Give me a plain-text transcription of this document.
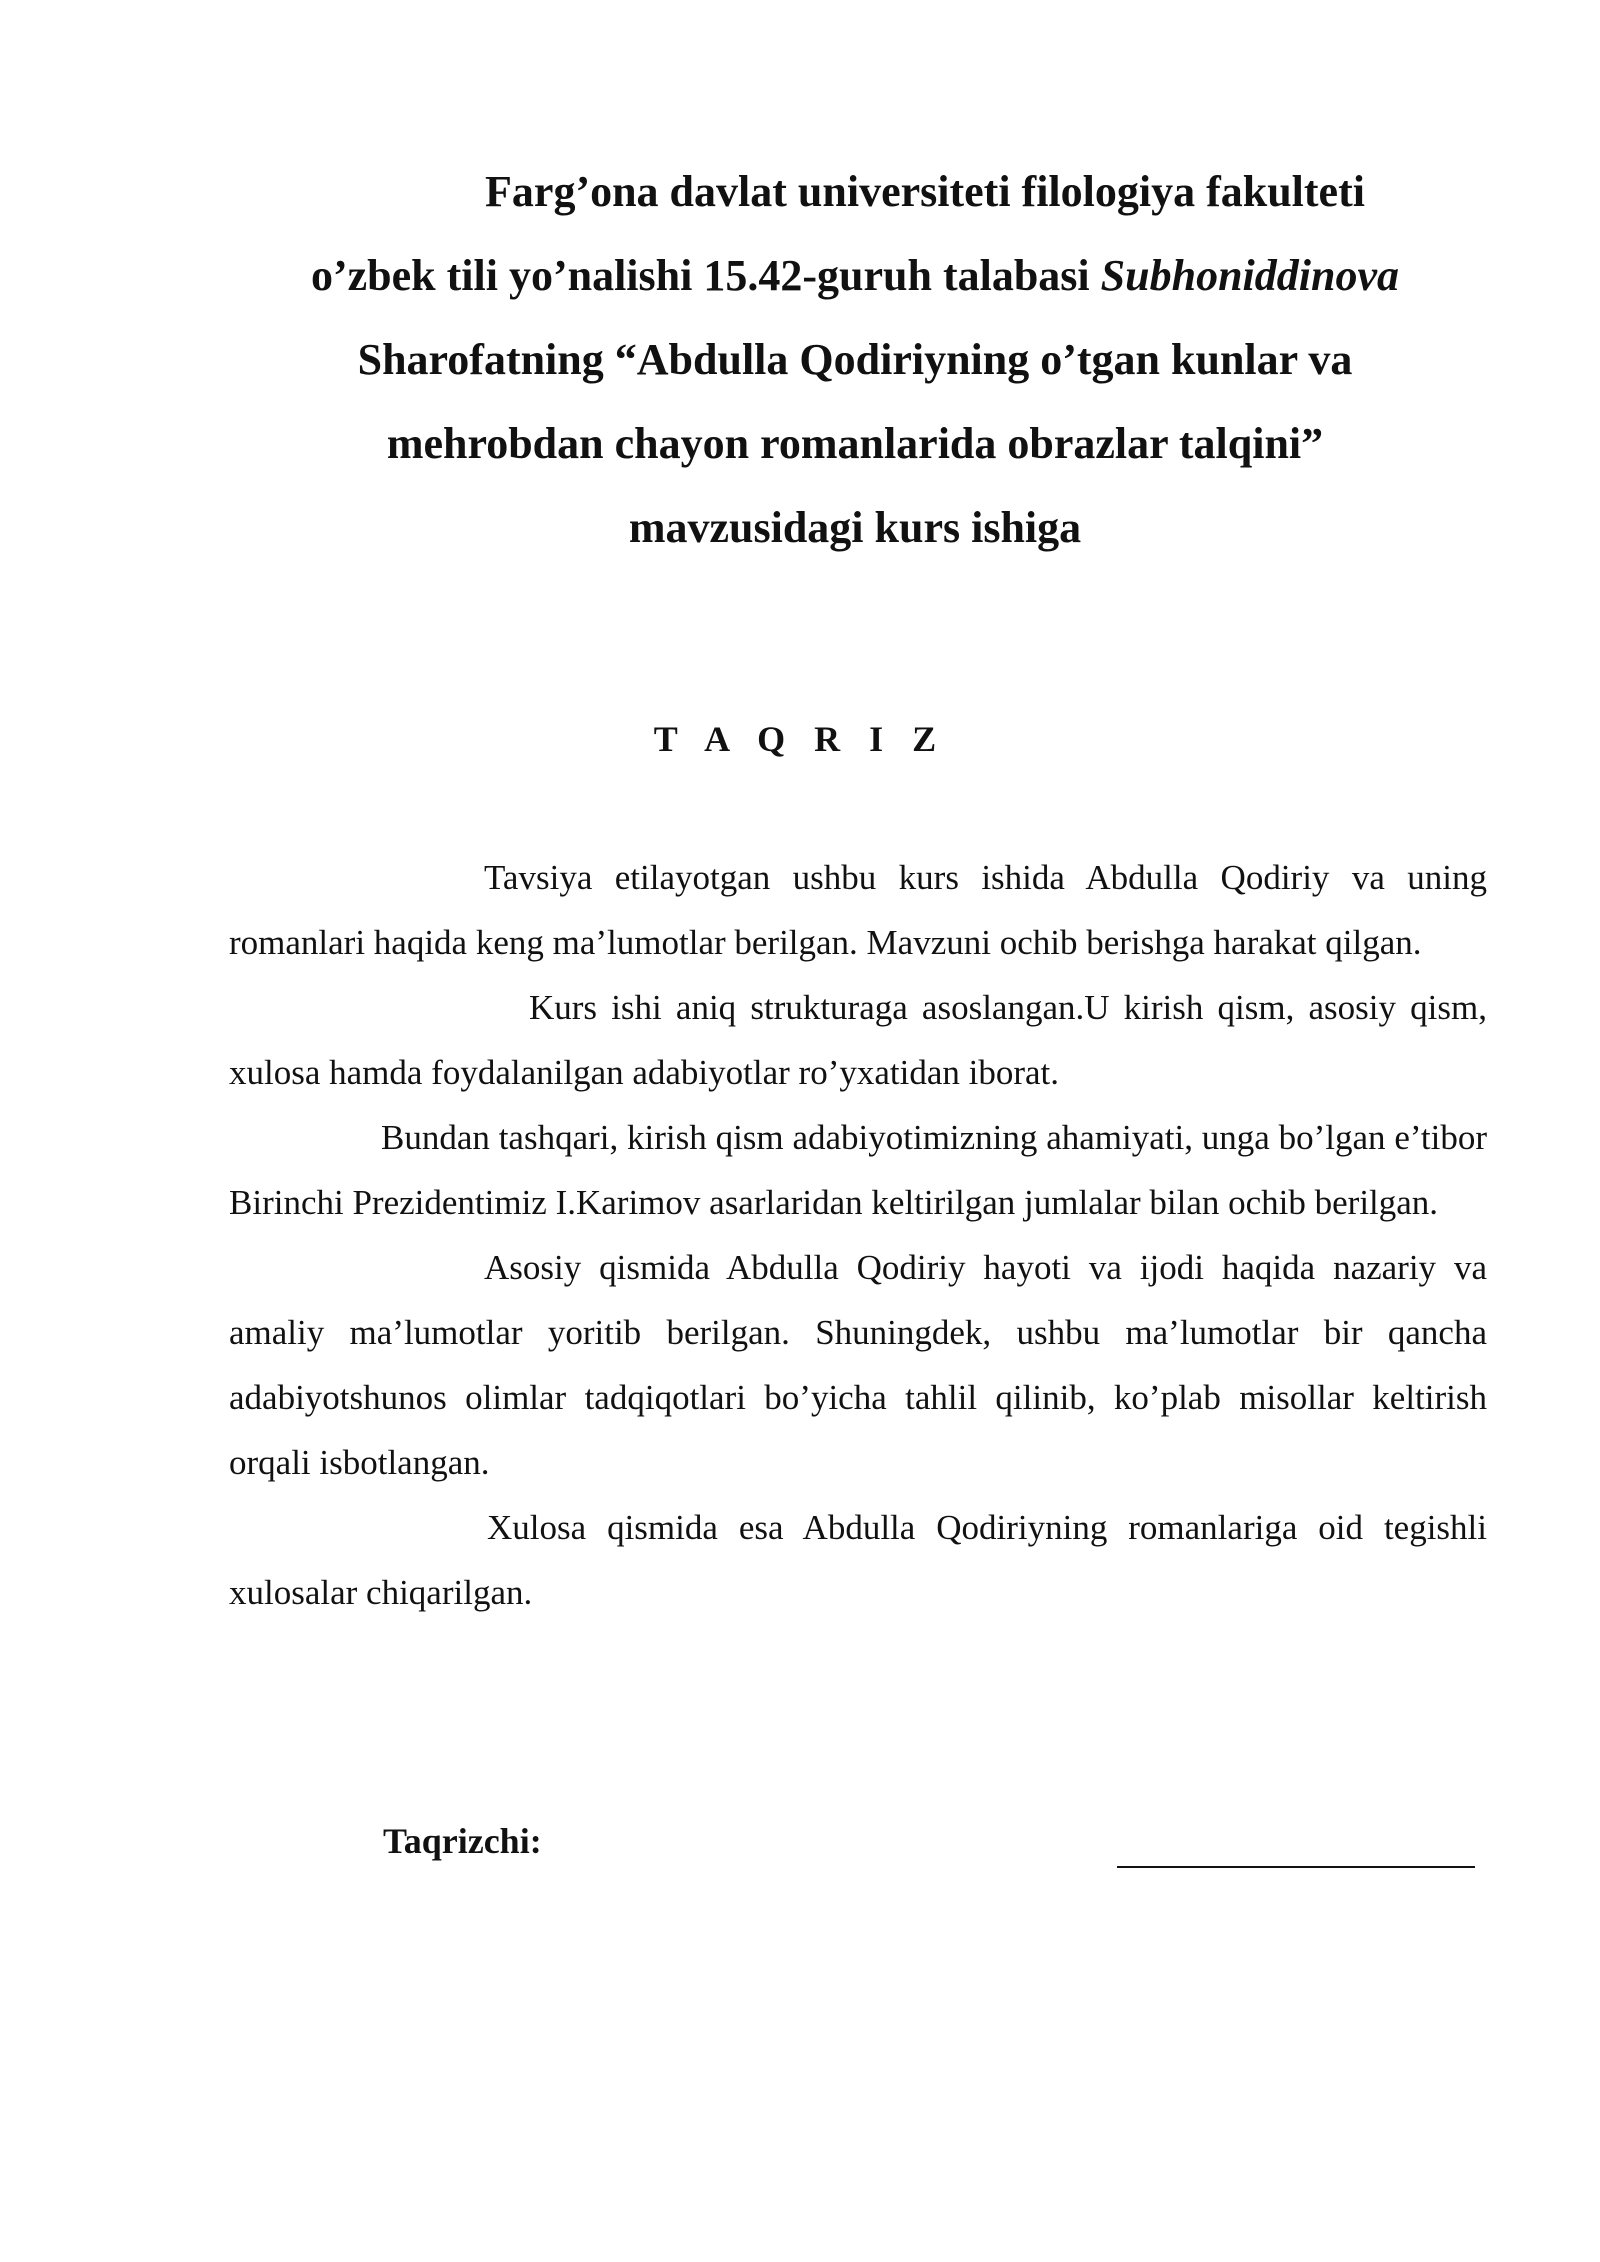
Farg’ona davlat universiteti filologiya fakulteti
o’zbek tili yo’nalishi 15.42-guruh talabasi Subhoniddinova
Sharofatning “Abdulla Qodiriyning o’tgan kunlar va
mehrobdan chayon romanlarida obrazlar talqini”
mavzusidagi kurs ishiga
T A Q R I Z

Tavsiya etilayotgan ushbu kurs ishida Abdulla Qodiriy va uning romanlari haqida keng ma’lumotlar berilgan. Mavzuni ochib berishga harakat qilgan.

Kurs ishi aniq strukturaga asoslangan.U kirish qism, asosiy qism, xulosa hamda foydalanilgan adabiyotlar ro’yxatidan iborat.

Bundan tashqari, kirish qism adabiyotimizning ahamiyati, unga bo’lgan e’tibor Birinchi Prezidentimiz I.Karimov asarlaridan keltirilgan jumlalar bilan ochib berilgan.

Asosiy qismida Abdulla Qodiriy hayoti va ijodi haqida nazariy va amaliy ma’lumotlar yoritib berilgan. Shuningdek, ushbu ma’lumotlar bir qancha adabiyotshunos olimlar tadqiqotlari bo’yicha tahlil qilinib, ko’plab misollar keltirish orqali isbotlangan.

Xulosa qismida esa Abdulla Qodiriyning romanlariga oid tegishli xulosalar chiqarilgan.

Taqrizchi:
